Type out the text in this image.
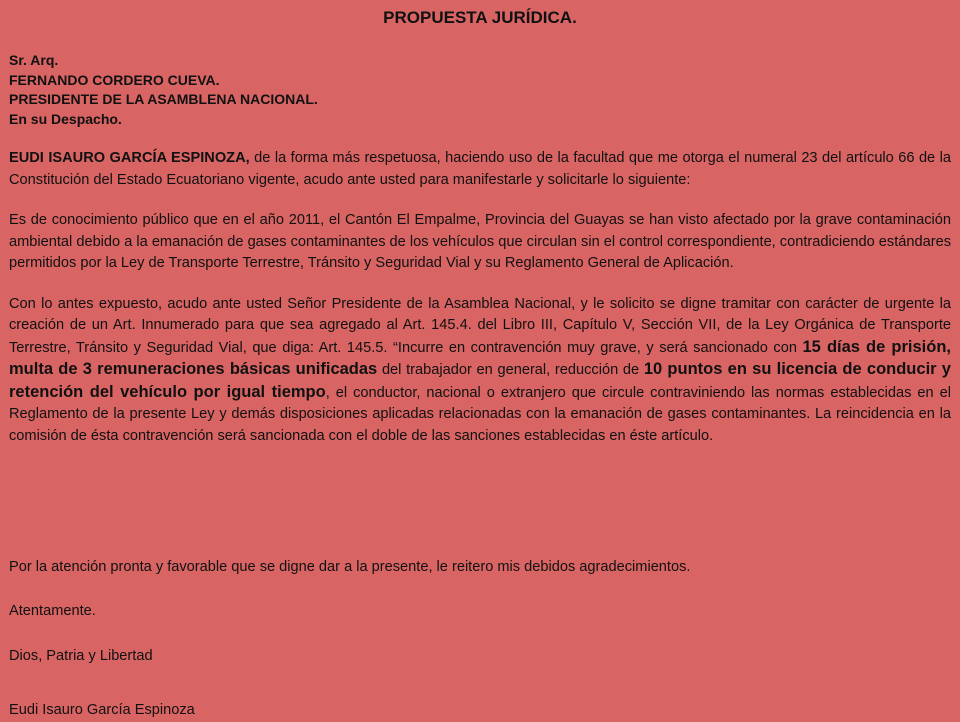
PROPUESTA JURÍDICA.

Sr. Arq.

FERNANDO CORDERO CUEVA.

PRESIDENTE DE LA ASAMBLENA NACIONAL.

En su Despacho.

EUDI ISAURO GARCÍA ESPINOZA, de la forma más respetuosa, haciendo uso de la facultad que me otorga el numeral 23 del artículo 66 de la Constitución del Estado Ecuatoriano vigente, acudo ante usted para manifestarle y solicitarle lo siguiente:

Es de conocimiento público que en el año 2011, el Cantón El Empalme, Provincia del Guayas se han visto afectado por la grave contaminación ambiental debido a la emanación de gases contaminantes de los vehículos que circulan sin el control correspondiente, contradiciendo estándares permitidos por la Ley de Transporte Terrestre, Tránsito y Seguridad Vial y su Reglamento General de Aplicación.

Con lo antes expuesto, acudo ante usted Señor Presidente de la Asamblea Nacional, y le solicito se digne tramitar con carácter de urgente la creación de un Art. Innumerado para que sea agregado al Art. 145.4. del Libro III, Capítulo V, Sección VII, de la Ley Orgánica de Transporte Terrestre, Tránsito y Seguridad Vial, que diga: Art. 145.5. “Incurre en contravención muy grave, y será sancionado con 15 días de prisión, multa de 3 remuneraciones básicas unificadas del trabajador en general, reducción de 10 puntos en su licencia de conducir y retención del vehículo por igual tiempo, el conductor, nacional o extranjero que circule contraviniendo las normas establecidas en el Reglamento de la presente Ley y demás disposiciones aplicadas relacionadas con la emanación de gases contaminantes. La reincidencia en la comisión de ésta contravención será sancionada con el doble de las sanciones establecidas en éste artículo.

Por la atención pronta y favorable que se digne dar a la presente, le reitero mis debidos agradecimientos.

Atentamente.

Dios, Patria y Libertad

Eudi Isauro García Espinoza
